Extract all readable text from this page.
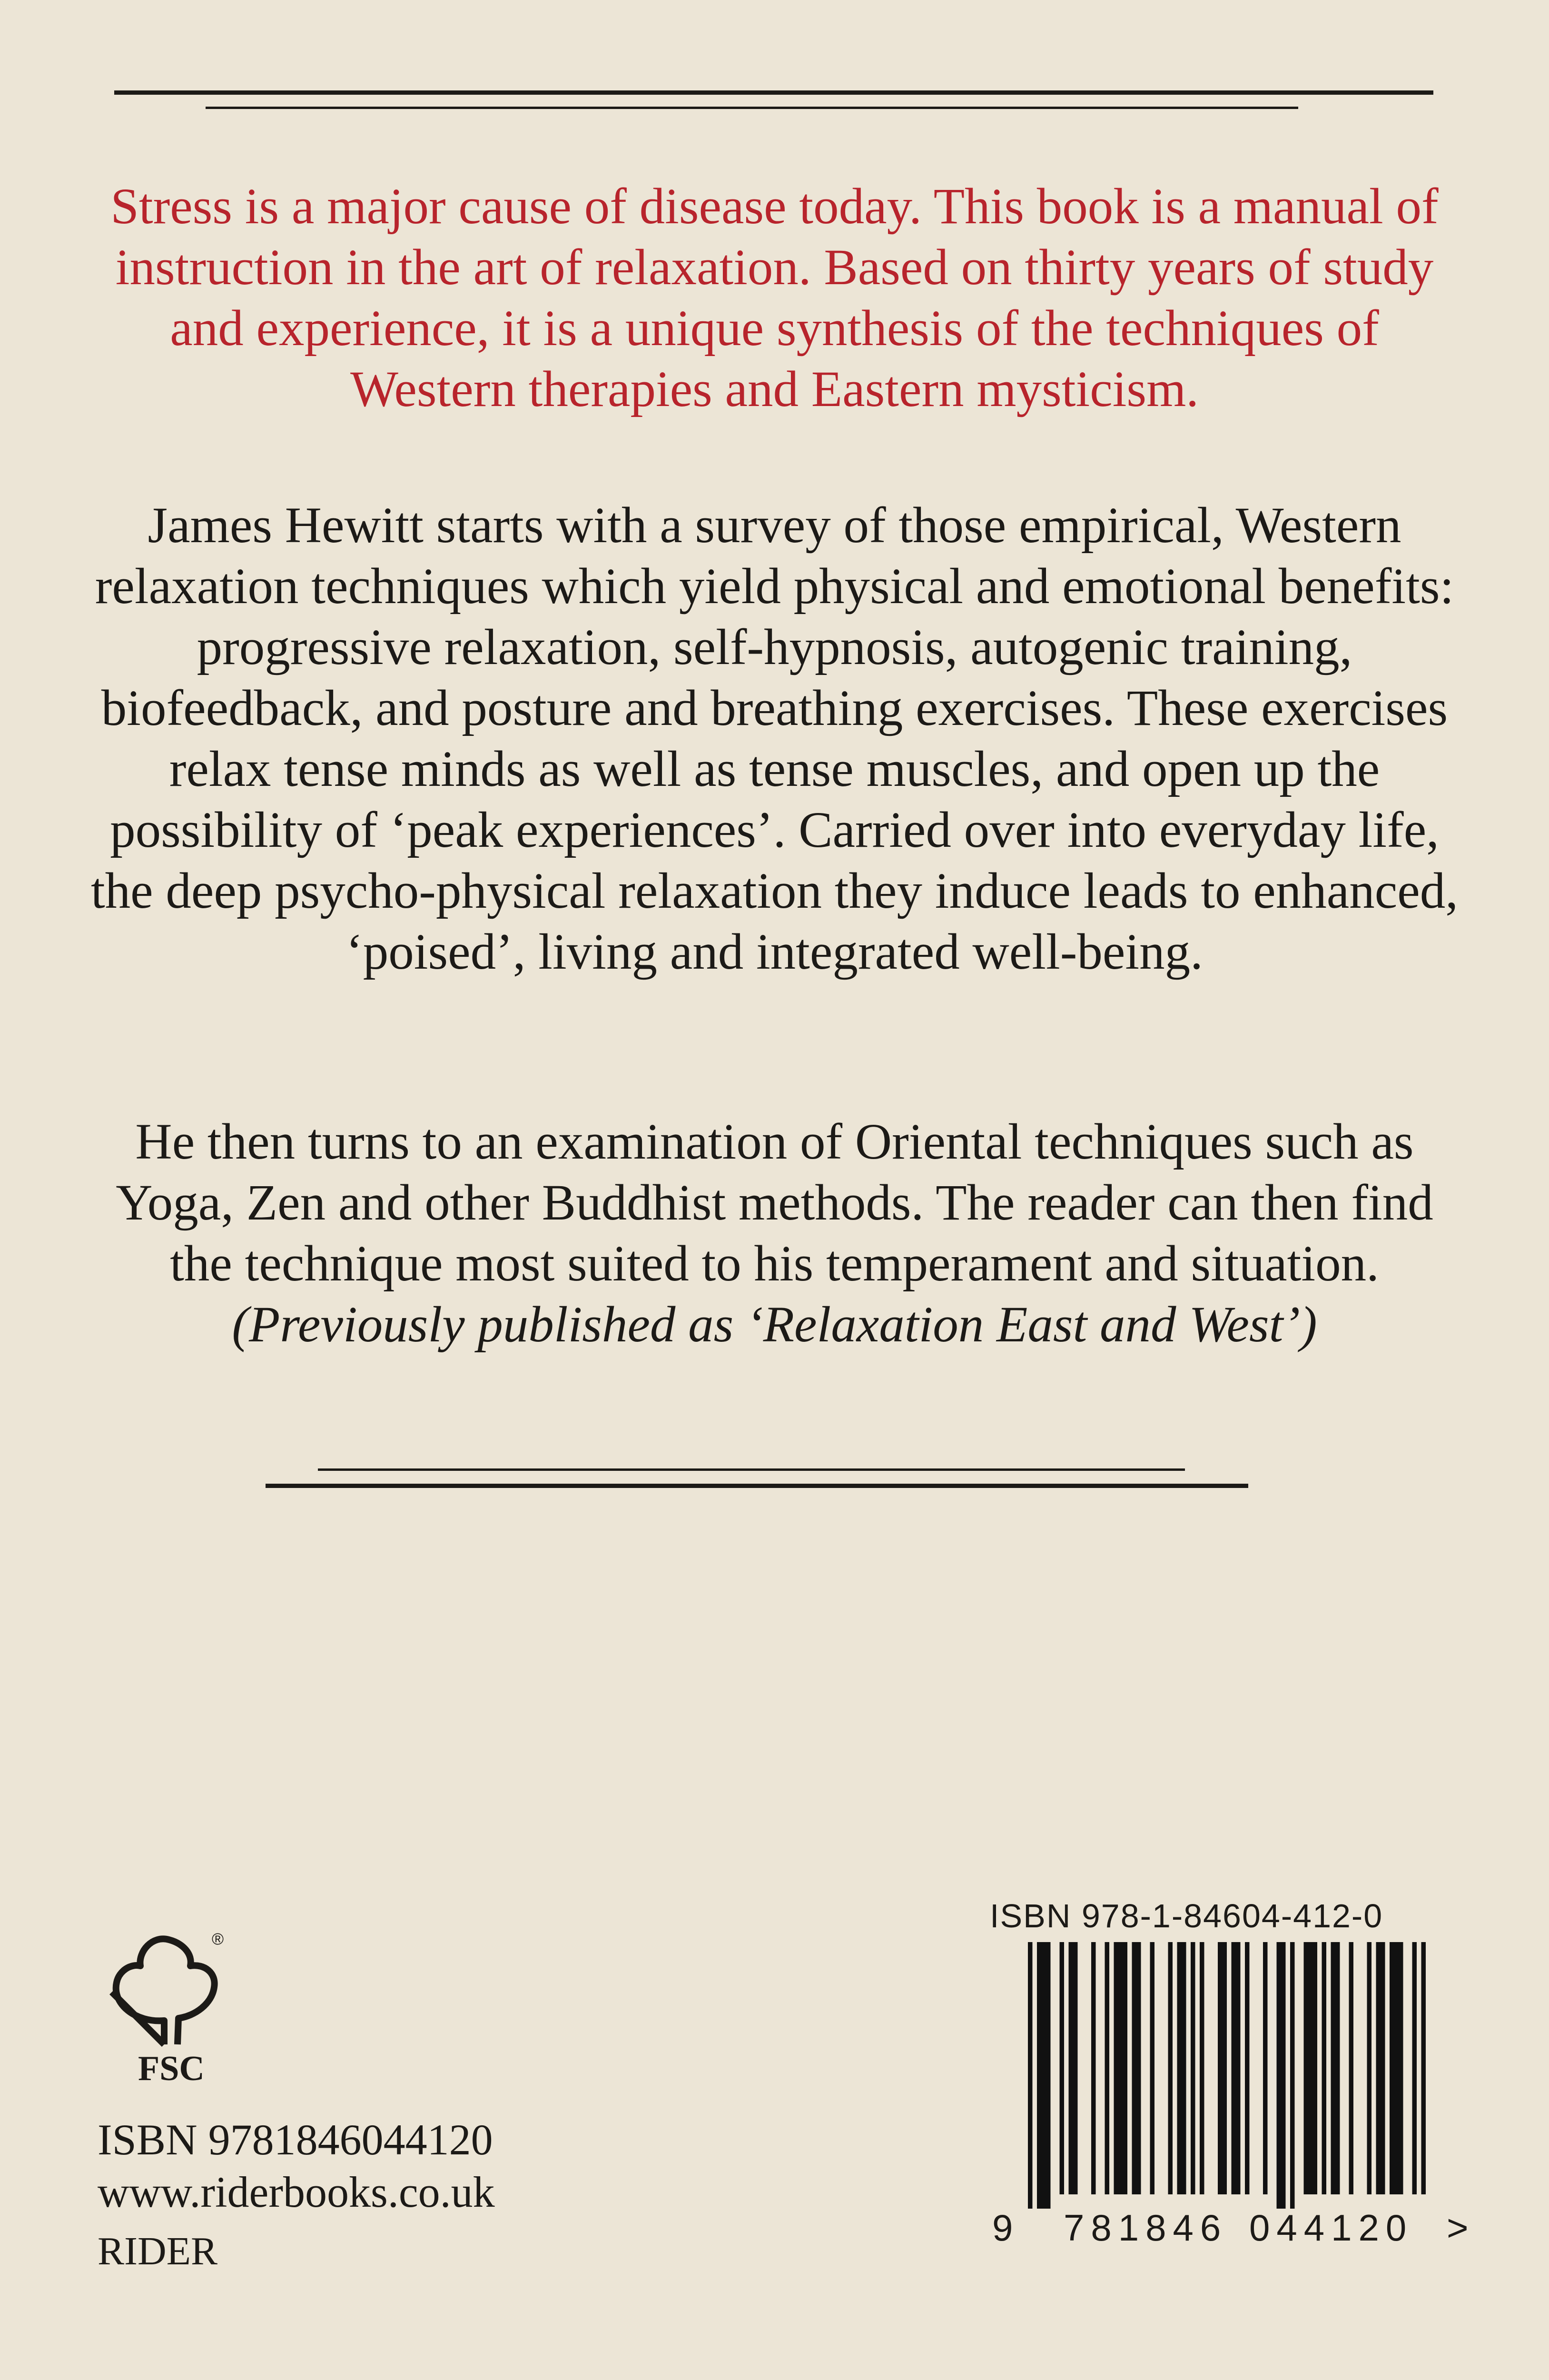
Stress is a major cause of disease today. This book is a manual of instruction in the art of relaxation. Based on thirty years of study and experience, it is a unique synthesis of the techniques of Western therapies and Eastern mysticism.

James Hewitt starts with a survey of those empirical, Western relaxation techniques which yield physical and emotional benefits: progressive relaxation, self-hypnosis, autogenic training, biofeedback, and posture and breathing exercises. These exercises relax tense minds as well as tense muscles, and open up the possibility of ‘peak experiences’. Carried over into everyday life, the deep psycho-physical relaxation they induce leads to enhanced, ‘poised’, living and integrated well-being.

He then turns to an examination of Oriental techniques such as Yoga, Zen and other Buddhist methods. The reader can then find the technique most suited to his temperament and situation.
(Previously published as ‘Relaxation East and West’)

®
FSC
ISBN 9781846044120
www.riderbooks.co.uk
RIDER
ISBN 978-1-84604-412-0
9 781846 044120 >
